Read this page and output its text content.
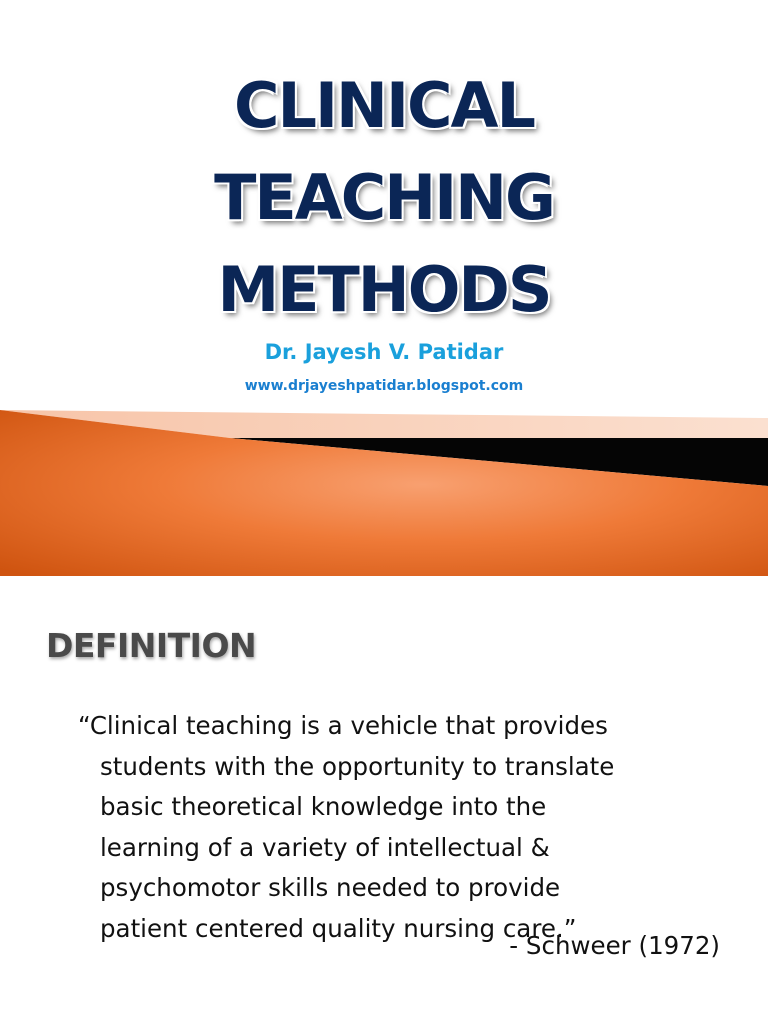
CLINICAL
TEACHING
METHODS
Dr. Jayesh V. Patidar
www.drjayeshpatidar.blogspot.com
DEFINITION

“Clinical teaching is a vehicle that provides
students with the opportunity to translate
basic theoretical knowledge into the
learning of a variety of intellectual &
psychomotor skills needed to provide
patient centered quality nursing care.”

- Schweer (1972)
